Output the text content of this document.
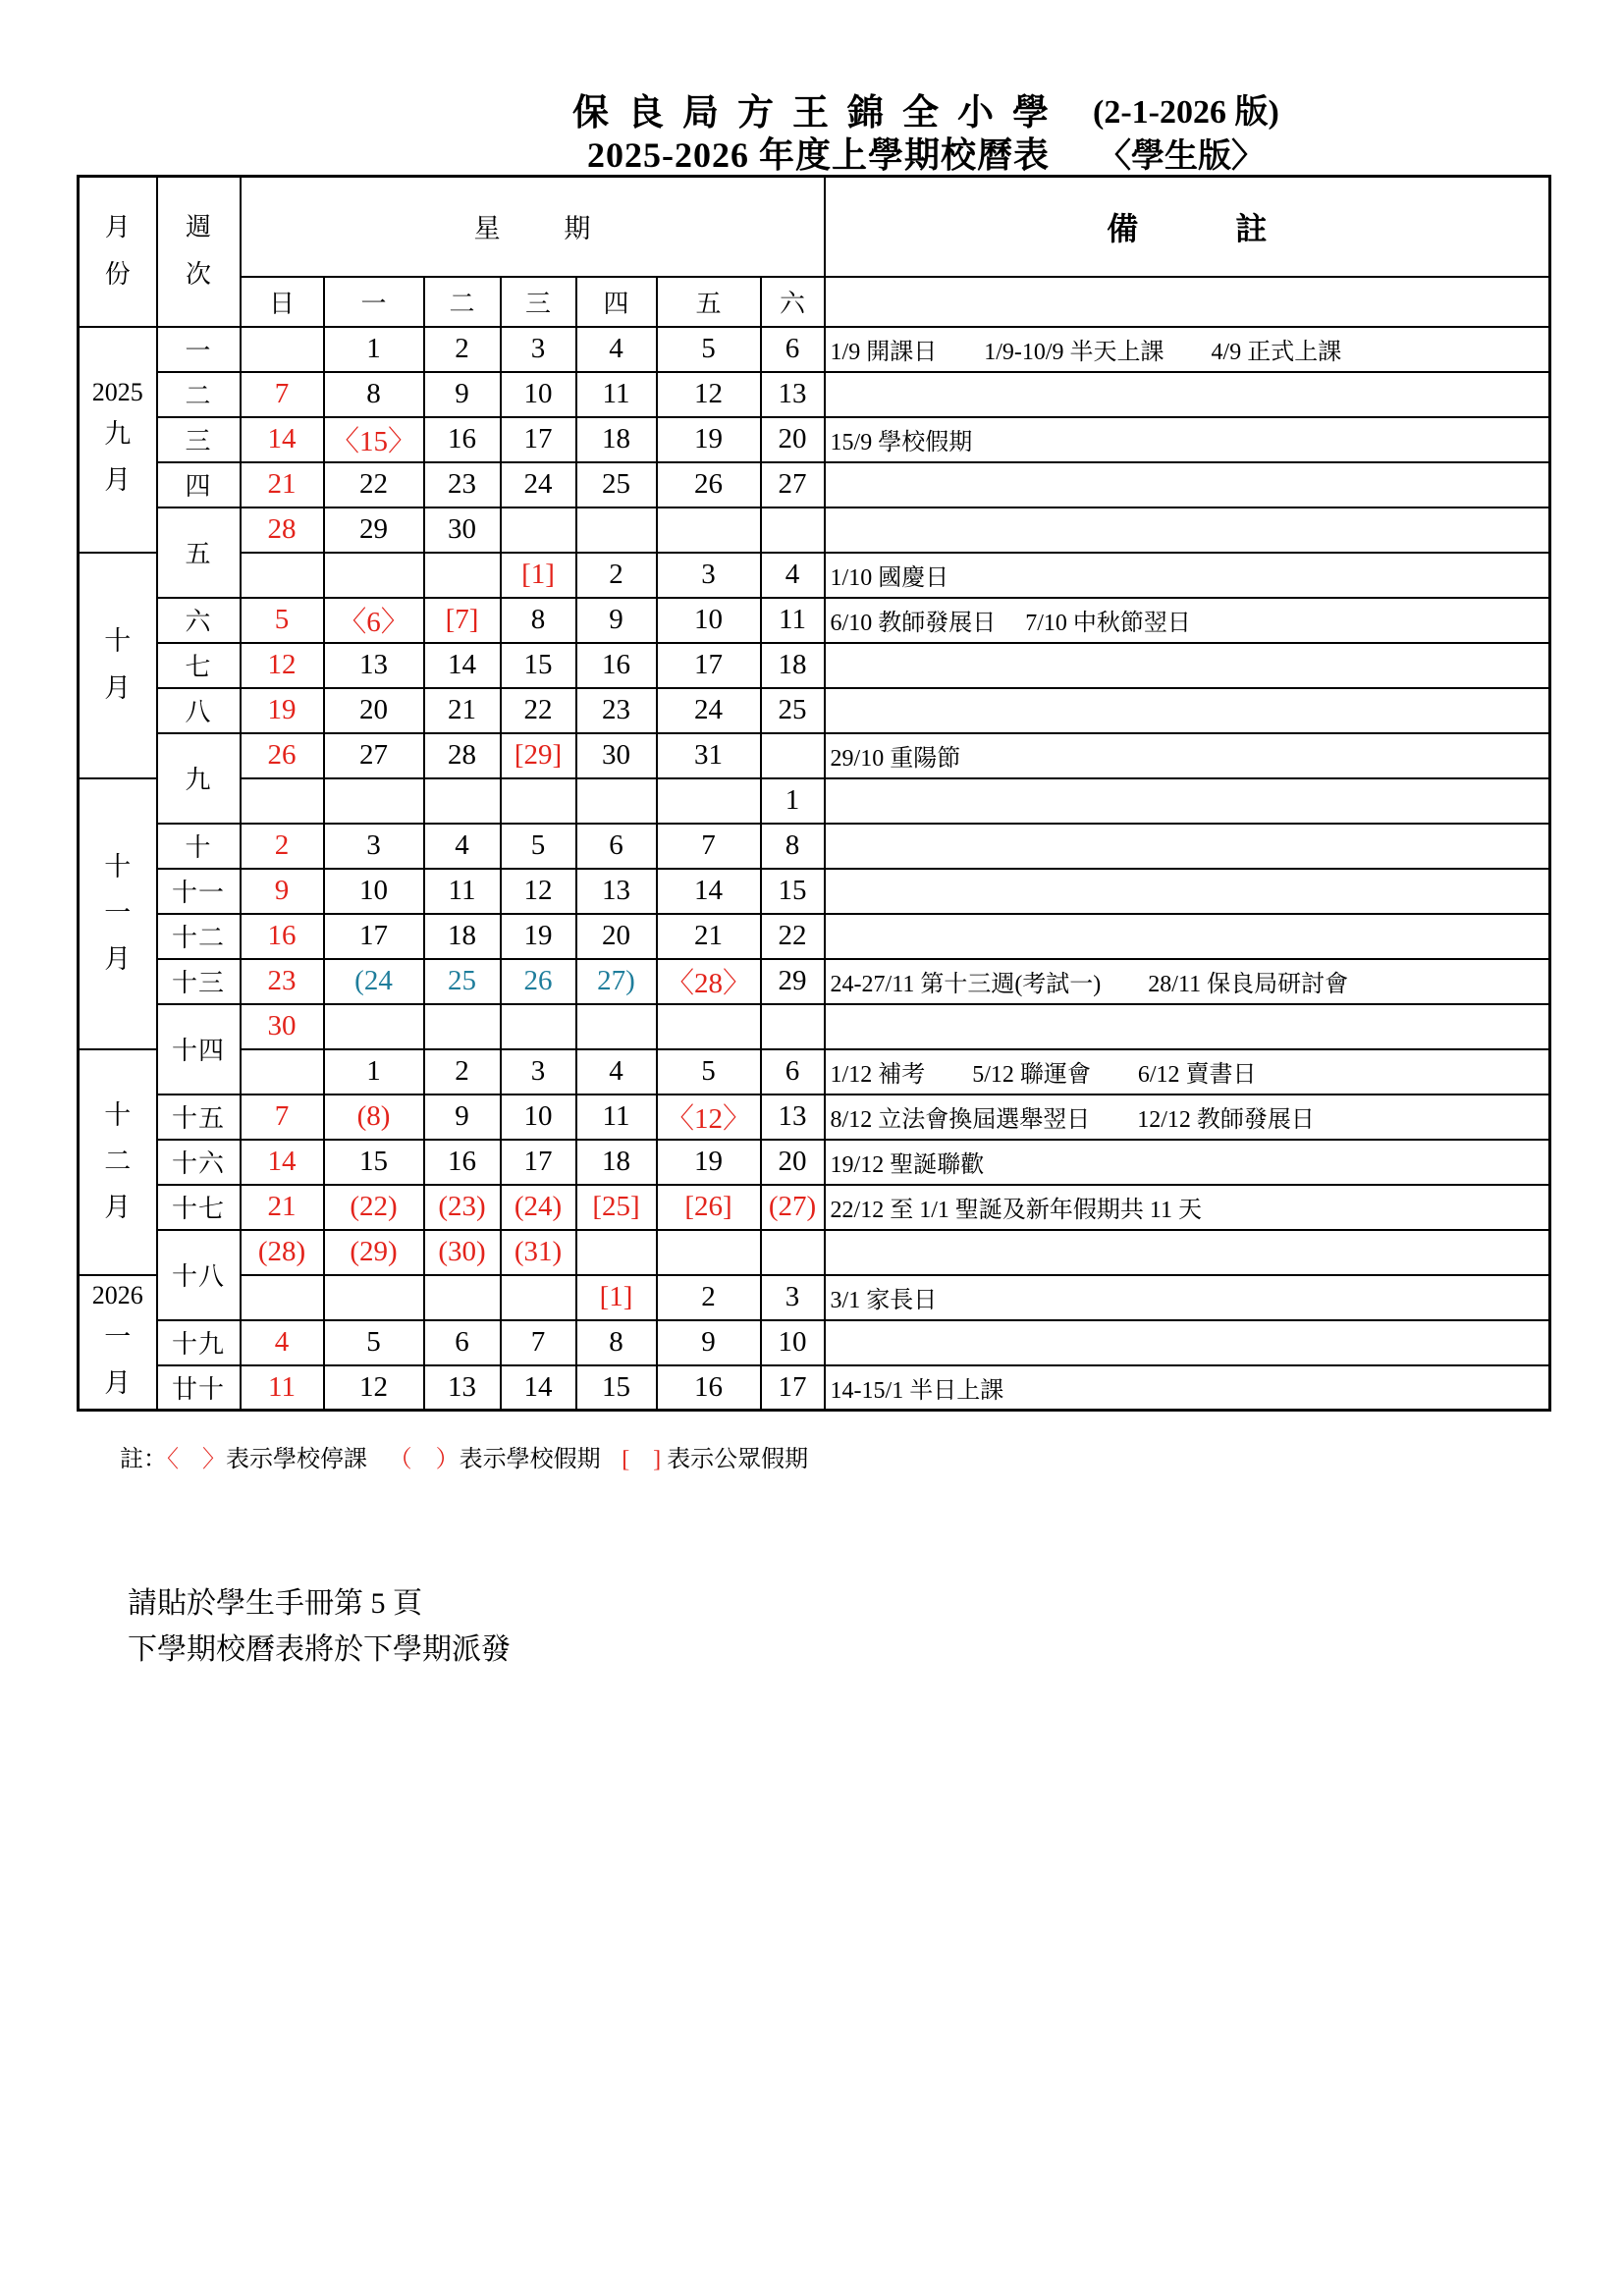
保良局方王錦全小學 (2-1-2026 版)
2025-2026 年度上學期校曆表 〈學生版〉
月份	週次	星期							備註
		日	一	二	三	四	五	六	

2025
九
月	一		1	2	3	4	5	6	1/9 開課日　　1/9-10/9 半天上課　　4/9 正式上課
	二	7	8	9	10	11	12	13	
	三	14	〈15〉	16	17	18	19	20	15/9 學校假期
	四	21	22	23	24	25	26	27	
	五	28	29	30					

十
月					[1]	2	3	4	1/10 國慶日
	六	5	〈6〉	[7]	8	9	10	11	6/10 教師發展日　 7/10 中秋節翌日
	七	12	13	14	15	16	17	18	
	八	19	20	21	22	23	24	25	
	九	26	27	28	[29]	30	31		29/10 重陽節

十
一
月								1	
	十	2	3	4	5	6	7	8	
	十一	9	10	11	12	13	14	15	
	十二	16	17	18	19	20	21	22	
	十三	23	(24	25	26	27)	〈28〉	29	24-27/11 第十三週(考試一)　　28/11 保良局研討會
	十四	30							

十
二
月			1	2	3	4	5	6	1/12 補考　　5/12 聯運會　　6/12 賣書日
	十五	7	(8)	9	10	11	〈12〉	13	8/12 立法會換屆選舉翌日　　12/12 教師發展日
	十六	14	15	16	17	18	19	20	19/12 聖誕聯歡
	十七	21	(22)	(23)	(24)	[25]	[26]	(27)	22/12 至 1/1 聖誕及新年假期共 11 天
	十八	(28)	(29)	(30)	(31)				

2026
一
月						[1]	2	3	3/1 家長日
	十九	4	5	6	7	8	9	10	
	廿十	11	12	13	14	15	16	17	14-15/1 半日上課
註：〈　〉表示學校停課 （　）表示學校假期 [　] 表示公眾假期
請貼於學生手冊第 5 頁
下學期校曆表將於下學期派發
